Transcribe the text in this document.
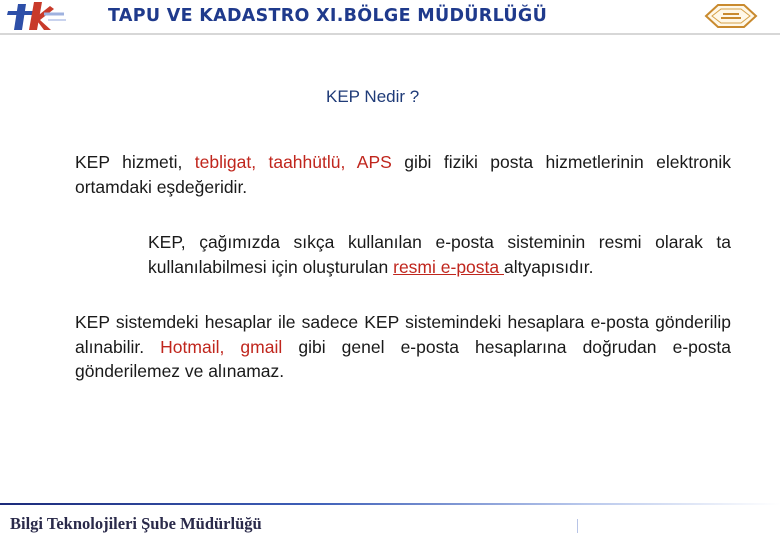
TAPU VE KADASTRO XI.BÖLGE MÜDÜRLÜĞÜ
KEP Nedir ?
KEP hizmeti, tebligat, taahhütlü, APS gibi fiziki posta hizmetlerinin elektronik ortamdaki eşdeğeridir.
KEP, çağımızda sıkça kullanılan e-posta sisteminin resmi olarak ta kullanılabilmesi için oluşturulan resmi e-posta altyapısıdır.
KEP sistemdeki hesaplar ile sadece KEP sistemindeki hesaplara e-posta gönderilip alınabilir. Hotmail, gmail gibi genel e-posta hesaplarına doğrudan e-posta gönderilemez ve alınamaz.
Bilgi Teknolojileri Şube Müdürlüğü
